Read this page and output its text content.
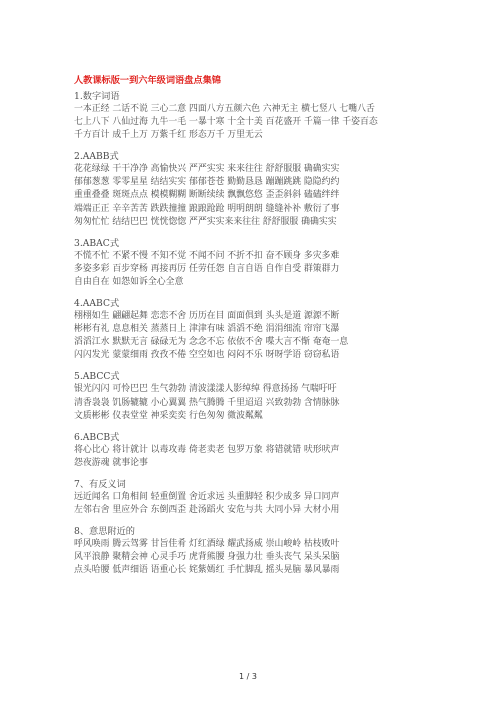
人教课标版一到六年级词语盘点集锦

1.数字词语

一本正经 二话不说 三心二意 四面八方五颜六色 六神无主 横七竖八 七嘴八舌

七上八下 八仙过海 九牛一毛 一暴十寒 十全十美 百花盛开 千篇一律 千姿百态

千方百计 成千上万 万紫千红 形态万千 万里无云

2.AABB式

花花绿绿 干干净净 高愉快兴 严严实实 来来往往 舒舒服服 确确实实

郁郁葱葱 零零星星 结结实实 郁郁苍苍 勤勤恳恳 蹦蹦跳跳 隐隐约约

重重叠叠 斑斑点点 模模糊糊 断断续续 飘飘悠悠 歪歪斜斜 磕磕绊绊

端端正正 辛辛苦苦 跌跌撞撞 踉踉跄跄 明明朗朗 缝缝补补 敷衍了事

匆匆忙忙 结结巴巴 恍恍惚惚 严严实实来来往往 舒舒服服 确确实实

3.ABAC式

不慌不忙 不紧不慢 不知不觉 不闻不问 不折不扣 奋不顾身 多灾多难

多姿多彩 百步穿杨 再接再厉 任劳任怨 自言自语 自作自受 群策群力

自由自在 如怨如诉全心全意

4.AABC式

栩栩如生 翩翩起舞 恋恋不舍 历历在目 面面俱到 头头是道 源源不断

彬彬有礼 息息相关 蒸蒸日上 津津有味 滔滔不绝 涓涓细流 帘帘飞瀑

滔滔江水 默默无言 碌碌无为 念念不忘 依依不舍 喋大言不惭 奄奄一息

闪闪发光 蒙蒙细雨 孜孜不倦 空空如也 闷闷不乐 呀呀学语 窃窃私语

5.ABCC式

银光闪闪 可怜巴巴 生气勃勃 清波漾漾人影绰绰 得意扬扬 气喘吁吁

清香袅袅 饥肠辘辘 小心翼翼 热气腾腾 千里迢迢 兴致勃勃 含情脉脉

文质彬彬 仪表堂堂 神采奕奕 行色匆匆 微波粼粼

6.ABCB式

将心比心 将计就计 以毒攻毒 倚老卖老 包罗万象 将错就错 吠形吠声

怨夜游魂 就事论事

7、有反义词

远近闻名 口角相间 轻重倒置 舍近求远 头重脚轻 积少成多 异口同声

左邻右舍 里应外合 东倒西歪 赴汤蹈火 安危与共 大同小异 大材小用

8、意思附近的

呼风唤雨 腾云驾雾 甘旨佳肴 灯红酒绿 耀武扬威 崇山峻岭 枯枝败叶

风平浪静 聚精会神 心灵手巧 虎背熊腰 身强力壮 垂头丧气 呆头呆脑

点头哈腰 低声细语 语重心长 姹紫嫣红 手忙脚乱 摇头晃脑 暴风暴雨

1 / 3
